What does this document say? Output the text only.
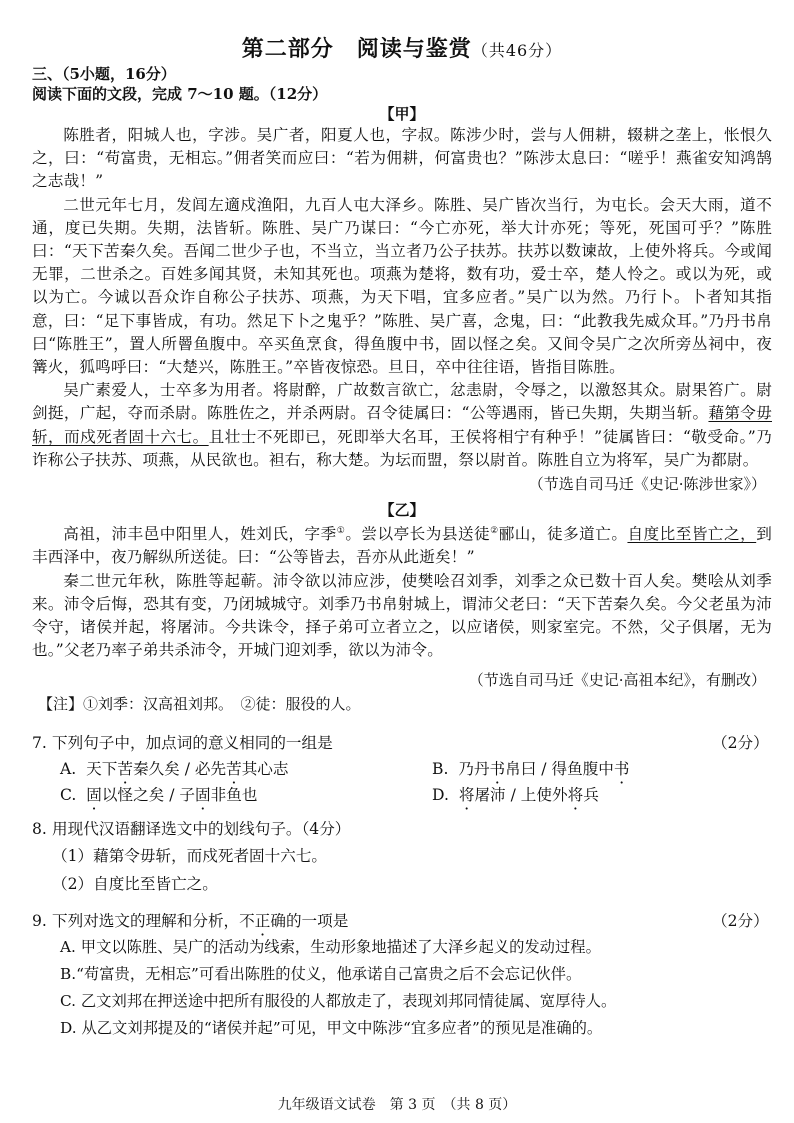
第二部分　阅读与鉴赏（共46分）
三、（5小题，16分）
阅读下面的文段，完成 7～10 题。（12分）
【甲】

陈胜者，阳城人也，字涉。吴广者，阳夏人也，字叔。陈涉少时，尝与人佣耕，辍耕之垄上，怅恨久之，曰：“苟富贵，无相忘。”佣者笑而应曰：“若为佣耕，何富贵也？”陈涉太息曰：“嗟乎！燕雀安知鸿鹄之志哉！”

二世元年七月，发闾左適戍渔阳，九百人屯大泽乡。陈胜、吴广皆次当行，为屯长。会天大雨，道不通，度已失期。失期，法皆斩。陈胜、吴广乃谋曰：“今亡亦死，举大计亦死；等死，死国可乎？”陈胜曰：“天下苦秦久矣。吾闻二世少子也，不当立，当立者乃公子扶苏。扶苏以数谏故，上使外将兵。今或闻无罪，二世杀之。百姓多闻其贤，未知其死也。项燕为楚将，数有功，爱士卒，楚人怜之。或以为死，或以为亡。今诚以吾众诈自称公子扶苏、项燕，为天下唱，宜多应者。”吴广以为然。乃行卜。卜者知其指意，曰：“足下事皆成，有功。然足下卜之鬼乎？”陈胜、吴广喜，念鬼，曰：“此教我先威众耳。”乃丹书帛曰“陈胜王”，置人所罾鱼腹中。卒买鱼烹食，得鱼腹中书，固以怪之矣。又间令吴广之次所旁丛祠中，夜篝火，狐鸣呼曰：“大楚兴，陈胜王。”卒皆夜惊恐。旦日，卒中往往语，皆指目陈胜。

吴广素爱人，士卒多为用者。将尉醉，广故数言欲亡，忿恚尉，令辱之，以激怒其众。尉果笞广。尉剑挺，广起，夺而杀尉。陈胜佐之，并杀两尉。召令徒属曰：“公等遇雨，皆已失期，失期当斩。藉第令毋斩，而戍死者固十六七。且壮士不死即已，死即举大名耳，王侯将相宁有种乎！”徒属皆曰：“敬受命。”乃诈称公子扶苏、项燕，从民欲也。袒右，称大楚。为坛而盟，祭以尉首。陈胜自立为将军，吴广为都尉。

（节选自司马迁《史记·陈涉世家》）
【乙】

高祖，沛丰邑中阳里人，姓刘氏，字季①。尝以亭长为县送徒②郦山，徒多道亡。自度比至皆亡之，到丰西泽中，夜乃解纵所送徒。曰：“公等皆去，吾亦从此逝矣！”

秦二世元年秋，陈胜等起蕲。沛令欲以沛应涉，使樊哙召刘季，刘季之众已数十百人矣。樊哙从刘季来。沛令后悔，恐其有变，乃闭城城守。刘季乃书帛射城上，谓沛父老曰：“天下苦秦久矣。今父老虽为沛令守，诸侯并起，将屠沛。今共诛令，择子弟可立者立之，以应诸侯，则家室完。不然，父子俱屠，无为也。”父老乃率子弟共杀沛令，开城门迎刘季，欲以为沛令。

（节选自司马迁《史记·高祖本纪》，有删改）
【注】①刘季：汉高祖刘邦。　②徒：服役的人。
7. 下列句子中，加点词的意义相同的一组是	（2分）
A. 天下苦秦久矣 / 必先苦其心志	B. 乃丹书帛曰 / 得鱼腹中书
C. 固以怪之矣 / 子固非鱼也	D. 将屠沛 / 上使外将兵
8. 用现代汉语翻译选文中的划线句子。（4分）
（1）藉第令毋斩，而戍死者固十六七。
（2）自度比至皆亡之。
9. 下列对选文的理解和分析，不正确的一项是	（2分）
A. 甲文以陈胜、吴广的活动为线索，生动形象地描述了大泽乡起义的发动过程。
B.“苟富贵，无相忘”可看出陈胜的仗义，他承诺自己富贵之后不会忘记伙伴。
C. 乙文刘邦在押送途中把所有服役的人都放走了，表现刘邦同情徒属、宽厚待人。
D. 从乙文刘邦提及的“诸侯并起”可见，甲文中陈涉“宜多应者”的预见是准确的。
九年级语文试卷　第 3 页　（共 8 页）
